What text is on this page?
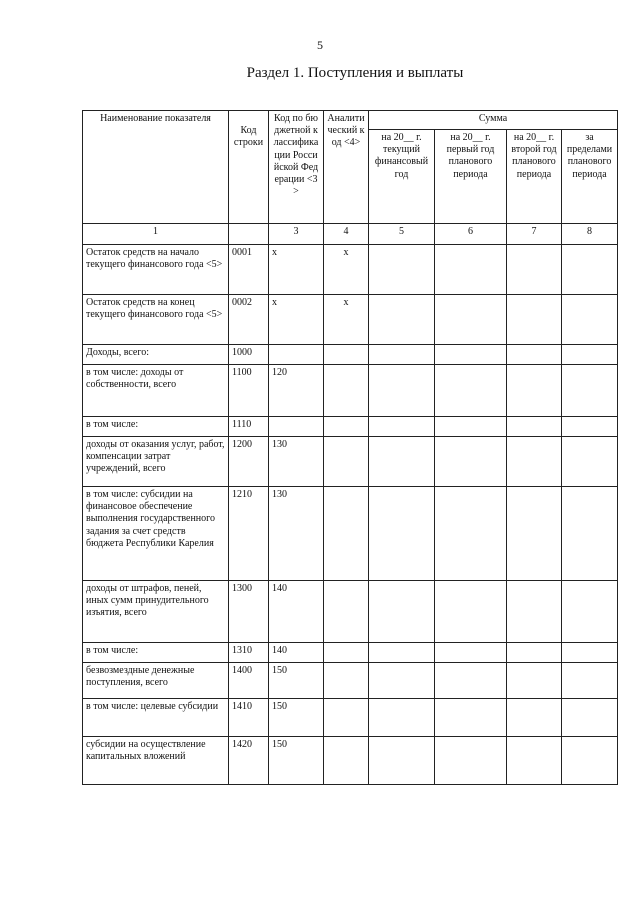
5
Раздел 1. Поступления и выплаты
Наименование показателя	Код строки	Код по бюджетной классификации Российской Федерации <3>	Аналитический код <4>	Сумма			
				на 20__ г. текущий финансовый год	на 20__ г. первый год планового периода	на 20__ г. второй год планового периода	за пределами планового периода
1		3	4	5	6	7	8
Остаток средств на начало текущего финансового года <5>	0001	x	x				
Остаток средств на конец текущего финансового года <5>	0002	x	x				
Доходы, всего:	1000						
в том числе: доходы от собственности, всего	1100	120					
в том числе:	1110						
доходы от оказания услуг, работ, компенсации затрат учреждений, всего	1200	130					
в том числе: субсидии на финансовое обеспечение выполнения государственного задания за счет средств бюджета Республики Карелия	1210	130					
доходы от штрафов, пеней, иных сумм принудительного изъятия, всего	1300	140					
в том числе:	1310	140					
безвозмездные денежные поступления, всего	1400	150					
в том числе: целевые субсидии	1410	150					
субсидии на осуществление капитальных вложений	1420	150					
